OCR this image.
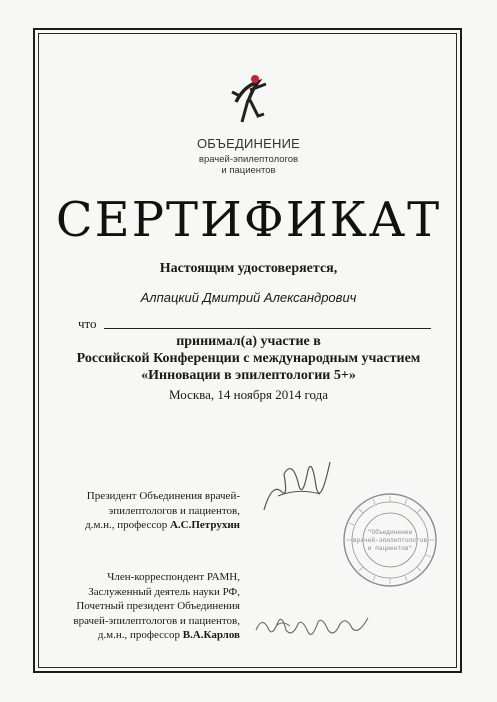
ОБЪЕДИНЕНИЕ
врачей-эпилептологов
и пациентов
СЕРТИФИКАТ
Настоящим удостоверяется,
Алпацкий Дмитрий Александрович
что
принимал(а) участие в
Российской Конференции с международным участием
«Инновации в эпилептологии 5+»
Москва, 14 ноября 2014 года
Президент Объединения врачей-
эпилептологов и пациентов,
д.м.н., профессор А.С.Петрухин
Член-корреспондент РАМН,
Заслуженный деятель науки РФ,
Почетный президент Объединения
врачей-эпилептологов и пациентов,
д.м.н., профессор В.А.Карлов
"Объединение
врачей-эпилептологов
и пациентов"
